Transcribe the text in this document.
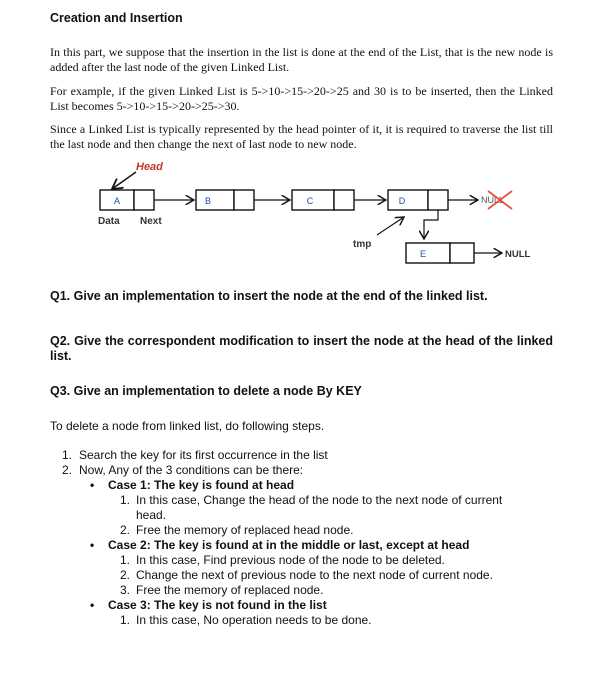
Creation and Insertion
In this part, we suppose that the insertion in the list is done at the end of the List, that is the new node is added after the last node of the given Linked List.
For example, if the given Linked List is 5->10->15->20->25 and 30 is to be inserted, then the Linked List becomes 5->10->15->20->25->30.
Since a Linked List is typically represented by the head pointer of it, it is required to traverse the list till the last node and then change the next of last node to new node.
Head
A	B	C	D	NULL
Data Next
tmp
E	NULL
Q1. Give an implementation to insert the node at the end of the linked list.
Q2. Give the correspondent modification to insert the node at the head of the linked list.
Q3. Give an implementation to delete a node By KEY
To delete a node from linked list, do following steps.
1. Search the key for its first occurrence in the list
2. Now, Any of the 3 conditions can be there:
• Case 1: The key is found at head
1. In this case, Change the head of the node to the next node of current
head.
2. Free the memory of replaced head node.
• Case 2: The key is found at in the middle or last, except at head
1. In this case, Find previous node of the node to be deleted.
2. Change the next of previous node to the next node of current node.
3. Free the memory of replaced node.
• Case 3: The key is not found in the list
1. In this case, No operation needs to be done.
